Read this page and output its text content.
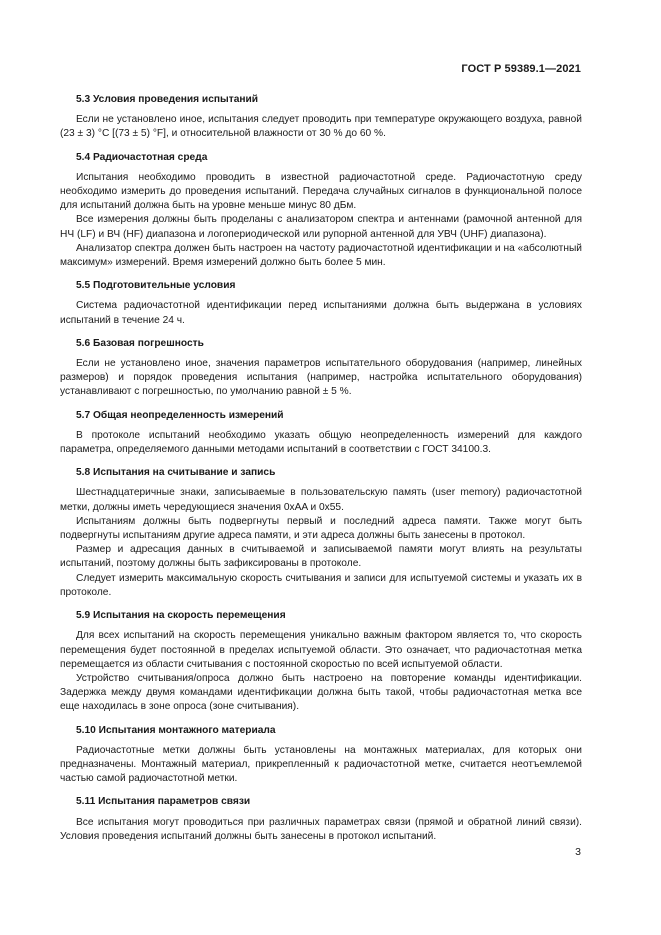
ГОСТ Р 59389.1—2021

5.3 Условия проведения испытаний

Если не установлено иное, испытания следует проводить при температуре окружающего воздуха, равной (23 ± 3) °С [(73 ± 5) °F], и относительной влажности от 30 % до 60 %.

5.4 Радиочастотная среда

Испытания необходимо проводить в известной радиочастотной среде. Радиочастотную среду необходимо измерить до проведения испытаний. Передача случайных сигналов в функциональной полосе для испытаний должна быть на уровне меньше минус 80 дБм.

Все измерения должны быть проделаны с анализатором спектра и антеннами (рамочной антенной для НЧ (LF) и ВЧ (HF) диапазона и логопериодической или рупорной антенной для УВЧ (UHF) диапазона).

Анализатор спектра должен быть настроен на частоту радиочастотной идентификации и на «абсолютный максимум» измерений. Время измерений должно быть более 5 мин.

5.5 Подготовительные условия

Система радиочастотной идентификации перед испытаниями должна быть выдержана в условиях испытаний в течение 24 ч.

5.6 Базовая погрешность

Если не установлено иное, значения параметров испытательного оборудования (например, линейных размеров) и порядок проведения испытания (например, настройка испытательного оборудования) устанавливают с погрешностью, по умолчанию равной ± 5 %.

5.7 Общая неопределенность измерений

В протоколе испытаний необходимо указать общую неопределенность измерений для каждого параметра, определяемого данными методами испытаний в соответствии с ГОСТ 34100.3.

5.8 Испытания на считывание и запись

Шестнадцатеричные знаки, записываемые в пользовательскую память (user memory) радиочастотной метки, должны иметь чередующиеся значения 0xAA и 0x55.

Испытаниям должны быть подвергнуты первый и последний адреса памяти. Также могут быть подвергнуты испытаниям другие адреса памяти, и эти адреса должны быть занесены в протокол.

Размер и адресация данных в считываемой и записываемой памяти могут влиять на результаты испытаний, поэтому должны быть зафиксированы в протоколе.

Следует измерить максимальную скорость считывания и записи для испытуемой системы и указать их в протоколе.

5.9 Испытания на скорость перемещения

Для всех испытаний на скорость перемещения уникально важным фактором является то, что скорость перемещения будет постоянной в пределах испытуемой области. Это означает, что радиочастотная метка перемещается из области считывания с постоянной скоростью по всей испытуемой области.

Устройство считывания/опроса должно быть настроено на повторение команды идентификации. Задержка между двумя командами идентификации должна быть такой, чтобы радиочастотная метка все еще находилась в зоне опроса (зоне считывания).

5.10 Испытания монтажного материала

Радиочастотные метки должны быть установлены на монтажных материалах, для которых они предназначены. Монтажный материал, прикрепленный к радиочастотной метке, считается неотъемлемой частью самой радиочастотной метки.

5.11 Испытания параметров связи

Все испытания могут проводиться при различных параметрах связи (прямой и обратной линий связи). Условия проведения испытаний должны быть занесены в протокол испытаний.

3
